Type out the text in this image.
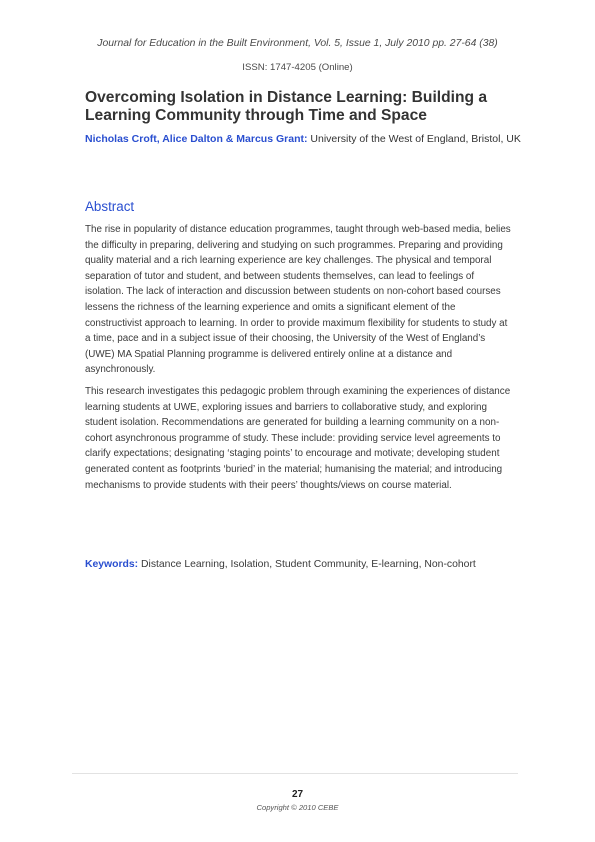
Journal for Education in the Built Environment, Vol. 5, Issue 1, July 2010 pp. 27-64 (38)
ISSN: 1747-4205 (Online)
Overcoming Isolation in Distance Learning: Building a Learning Community through Time and Space
Nicholas Croft, Alice Dalton & Marcus Grant: University of the West of England, Bristol, UK
Abstract

The rise in popularity of distance education programmes, taught through web-based media, belies the difficulty in preparing, delivering and studying on such programmes. Preparing and providing quality material and a rich learning experience are key challenges. The physical and temporal separation of tutor and student, and between students themselves, can lead to feelings of isolation. The lack of interaction and discussion between students on non-cohort based courses lessens the richness of the learning experience and omits a significant element of the constructivist approach to learning. In order to provide maximum flexibility for students to study at a time, pace and in a subject issue of their choosing, the University of the West of England’s (UWE) MA Spatial Planning programme is delivered entirely online at a distance and asynchronously.

This research investigates this pedagogic problem through examining the experiences of distance learning students at UWE, exploring issues and barriers to collaborative study, and exploring student isolation. Recommendations are generated for building a learning community on a non-cohort asynchronous programme of study. These include: providing service level agreements to clarify expectations; designating ‘staging points’ to encourage and motivate; developing student generated content as footprints ‘buried’ in the material; humanising the material; and introducing mechanisms to provide students with their peers’ thoughts/views on course material.

Keywords: Distance Learning, Isolation, Student Community, E-learning, Non-cohort
27
Copyright © 2010 CEBE
